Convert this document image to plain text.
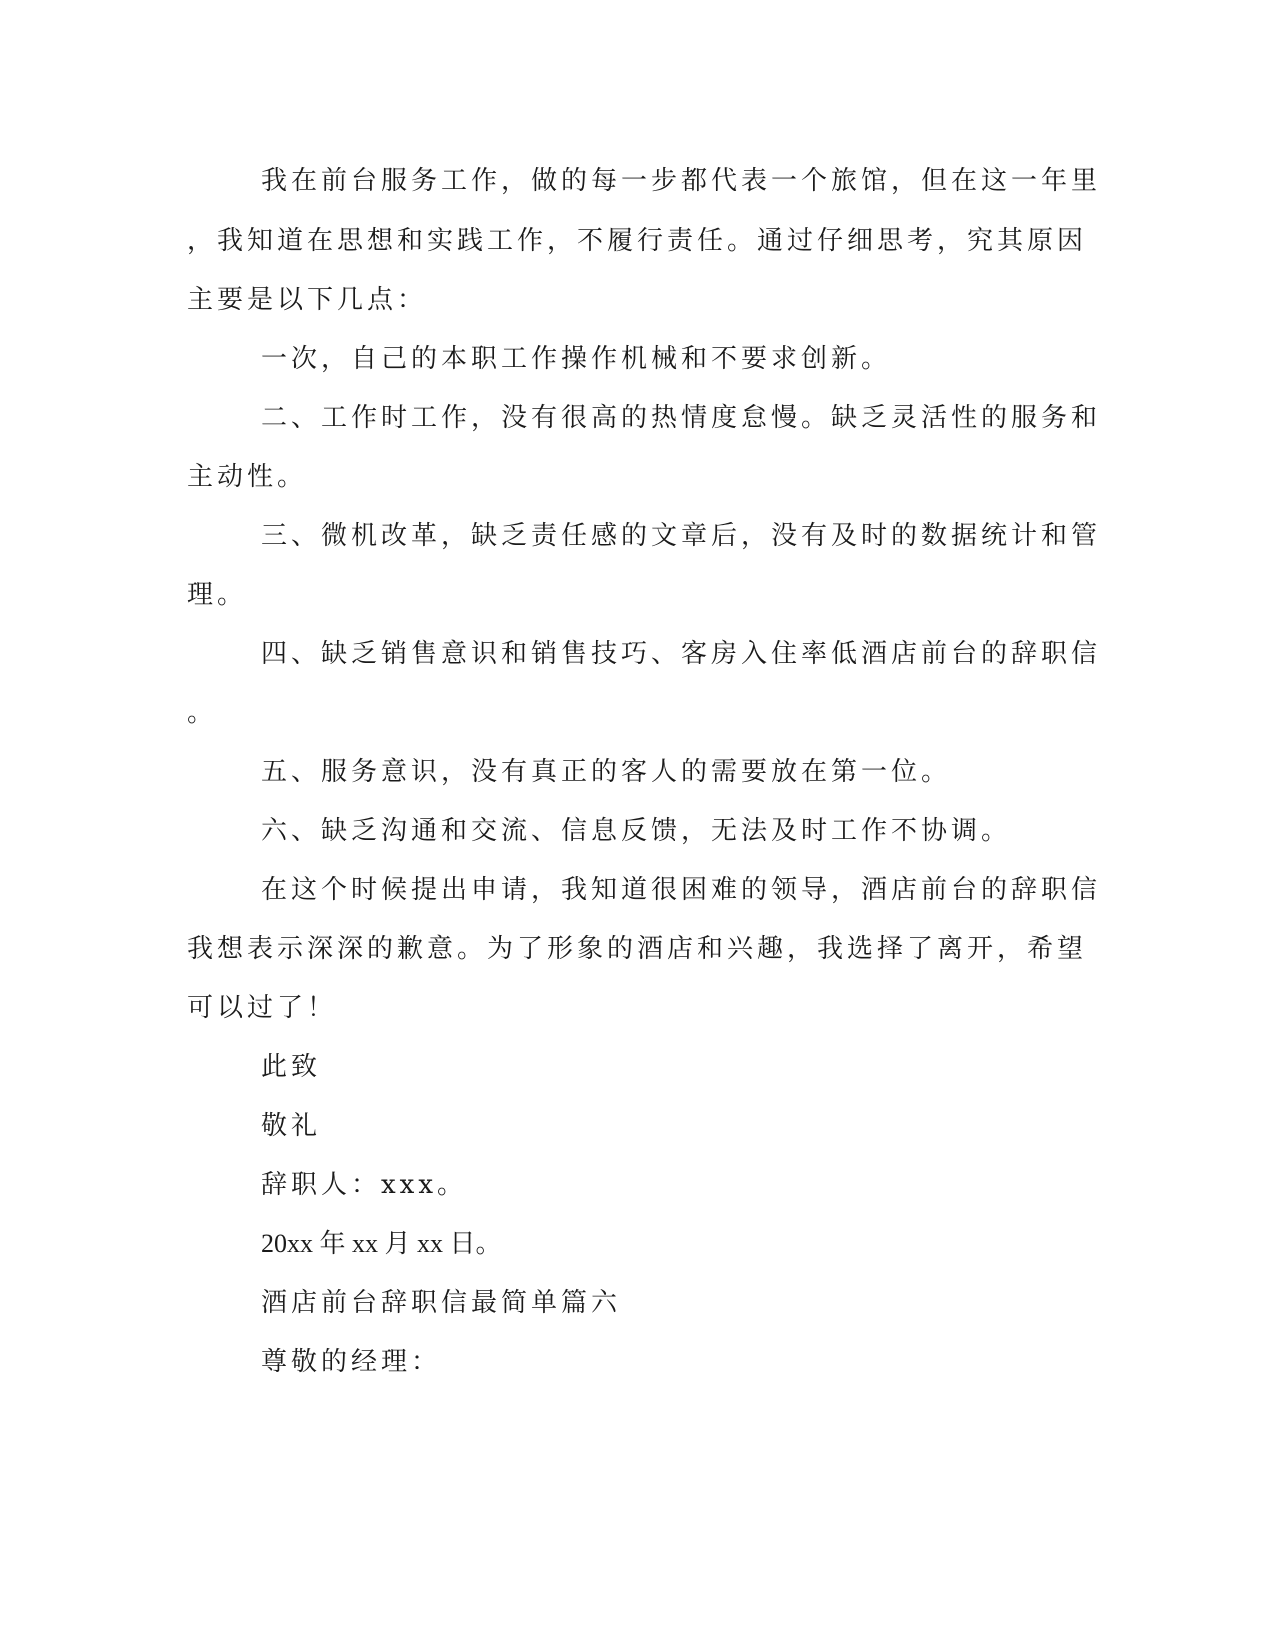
我在前台服务工作，做的每一步都代表一个旅馆，但在这一年里
，我知道在思想和实践工作，不履行责任。通过仔细思考，究其原因
主要是以下几点：
一次，自己的本职工作操作机械和不要求创新。
二、工作时工作，没有很高的热情度怠慢。缺乏灵活性的服务和
主动性。
三、微机改革，缺乏责任感的文章后，没有及时的数据统计和管
理。
四、缺乏销售意识和销售技巧、客房入住率低酒店前台的辞职信
。
五、服务意识，没有真正的客人的需要放在第一位。
六、缺乏沟通和交流、信息反馈，无法及时工作不协调。
在这个时候提出申请，我知道很困难的领导，酒店前台的辞职信
我想表示深深的歉意。为了形象的酒店和兴趣，我选择了离开，希望
可以过了！
此致
敬礼
辞职人：xxx。
20xx 年 xx 月 xx 日。
酒店前台辞职信最简单篇六
尊敬的经理：
